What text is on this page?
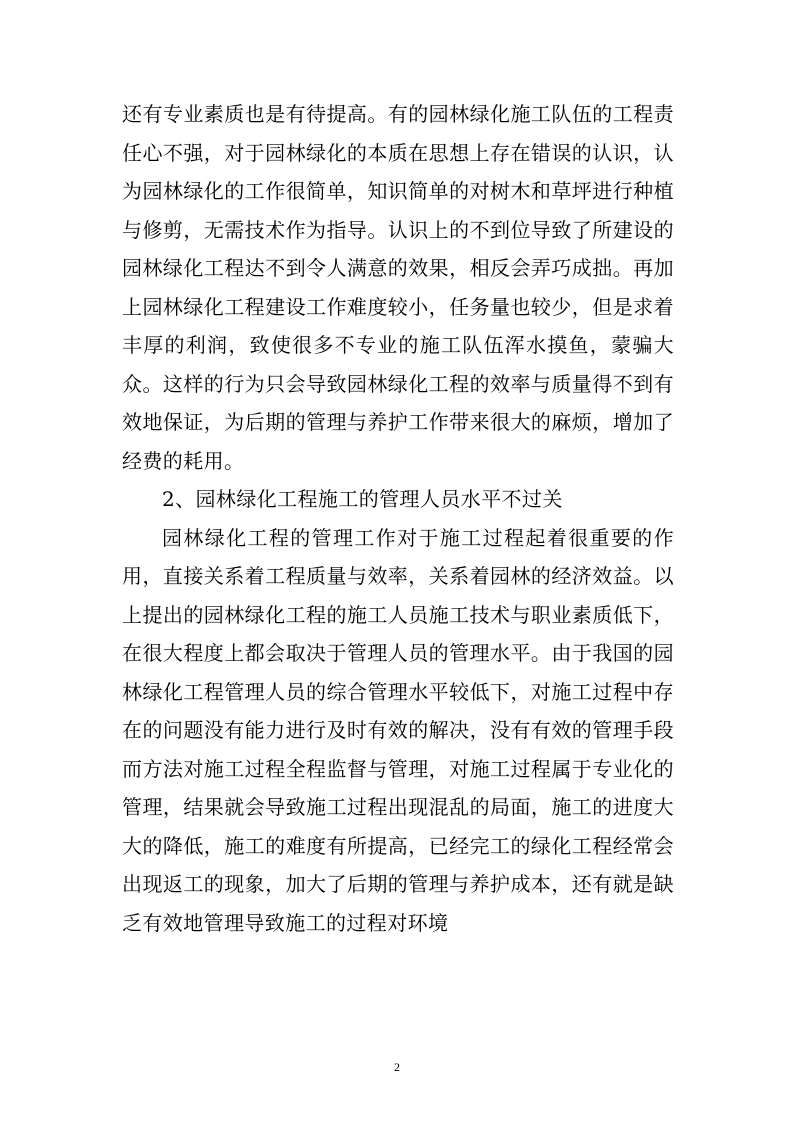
还有专业素质也是有待提高。有的园林绿化施工队伍的工程责任心不强，对于园林绿化的本质在思想上存在错误的认识，认为园林绿化的工作很简单，知识简单的对树木和草坪进行种植与修剪，无需技术作为指导。认识上的不到位导致了所建设的园林绿化工程达不到令人满意的效果，相反会弄巧成拙。再加上园林绿化工程建设工作难度较小，任务量也较少，但是求着丰厚的利润，致使很多不专业的施工队伍浑水摸鱼，蒙骗大众。这样的行为只会导致园林绿化工程的效率与质量得不到有效地保证，为后期的管理与养护工作带来很大的麻烦，增加了经费的耗用。

2、园林绿化工程施工的管理人员水平不过关

园林绿化工程的管理工作对于施工过程起着很重要的作用，直接关系着工程质量与效率，关系着园林的经济效益。以上提出的园林绿化工程的施工人员施工技术与职业素质低下，在很大程度上都会取决于管理人员的管理水平。由于我国的园林绿化工程管理人员的综合管理水平较低下，对施工过程中存在的问题没有能力进行及时有效的解决，没有有效的管理手段而方法对施工过程全程监督与管理，对施工过程属于专业化的管理，结果就会导致施工过程出现混乱的局面，施工的进度大大的降低，施工的难度有所提高，已经完工的绿化工程经常会出现返工的现象，加大了后期的管理与养护成本，还有就是缺乏有效地管理导致施工的过程对环境

2
